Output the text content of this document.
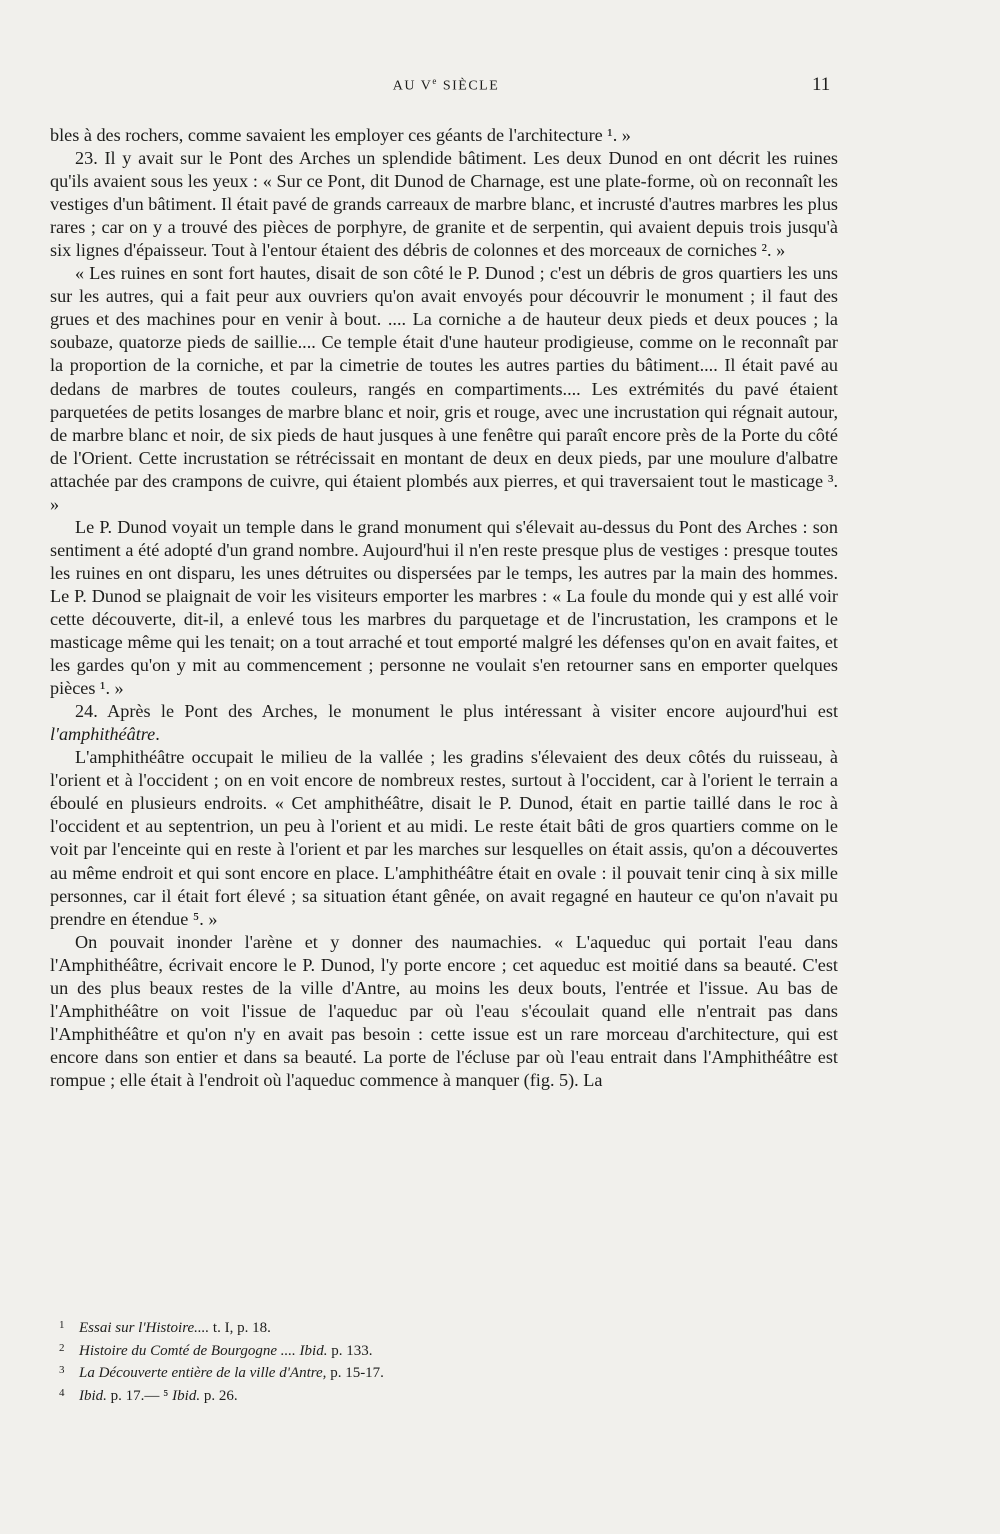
AU Ve SIÈCLE	11

bles à des rochers, comme savaient les employer ces géants de l'architecture ¹. »

23. Il y avait sur le Pont des Arches un splendide bâtiment. Les deux Dunod en ont décrit les ruines qu'ils avaient sous les yeux : « Sur ce Pont, dit Dunod de Charnage, est une plate-forme, où on reconnaît les vestiges d'un bâtiment. Il était pavé de grands carreaux de marbre blanc, et incrusté d'autres marbres les plus rares ; car on y a trouvé des pièces de porphyre, de granite et de serpentin, qui avaient depuis trois jusqu'à six lignes d'épaisseur. Tout à l'entour étaient des débris de colonnes et des morceaux de corniches ². »

« Les ruines en sont fort hautes, disait de son côté le P. Dunod ; c'est un débris de gros quartiers les uns sur les autres, qui a fait peur aux ouvriers qu'on avait envoyés pour découvrir le monument ; il faut des grues et des machines pour en venir à bout. .... La corniche a de hauteur deux pieds et deux pouces ; la soubaze, quatorze pieds de saillie.... Ce temple était d'une hauteur prodigieuse, comme on le reconnaît par la proportion de la corniche, et par la cimetrie de toutes les autres parties du bâtiment.... Il était pavé au dedans de marbres de toutes couleurs, rangés en compartiments.... Les extrémités du pavé étaient parquetées de petits losanges de marbre blanc et noir, gris et rouge, avec une incrustation qui régnait autour, de marbre blanc et noir, de six pieds de haut jusques à une fenêtre qui paraît encore près de la Porte du côté de l'Orient. Cette incrustation se rétrécissait en montant de deux en deux pieds, par une moulure d'albatre attachée par des crampons de cuivre, qui étaient plombés aux pierres, et qui traversaient tout le masticage ³. »

Le P. Dunod voyait un temple dans le grand monument qui s'élevait au-dessus du Pont des Arches : son sentiment a été adopté d'un grand nombre. Aujourd'hui il n'en reste presque plus de vestiges : presque toutes les ruines en ont disparu, les unes détruites ou dispersées par le temps, les autres par la main des hommes. Le P. Dunod se plaignait de voir les visiteurs emporter les marbres : « La foule du monde qui y est allé voir cette découverte, dit-il, a enlevé tous les marbres du parquetage et de l'incrustation, les crampons et le masticage même qui les tenait; on a tout arraché et tout emporté malgré les défenses qu'on en avait faites, et les gardes qu'on y mit au commencement ; personne ne voulait s'en retourner sans en emporter quelques pièces ¹. »

24. Après le Pont des Arches, le monument le plus intéressant à visiter encore aujourd'hui est l'amphithéâtre.

L'amphithéâtre occupait le milieu de la vallée ; les gradins s'élevaient des deux côtés du ruisseau, à l'orient et à l'occident ; on en voit encore de nombreux restes, surtout à l'occident, car à l'orient le terrain a éboulé en plusieurs endroits. « Cet amphithéâtre, disait le P. Dunod, était en partie taillé dans le roc à l'occident et au septentrion, un peu à l'orient et au midi. Le reste était bâti de gros quartiers comme on le voit par l'enceinte qui en reste à l'orient et par les marches sur lesquelles on était assis, qu'on a découvertes au même endroit et qui sont encore en place. L'amphithéâtre était en ovale : il pouvait tenir cinq à six mille personnes, car il était fort élevé ; sa situation étant gênée, on avait regagné en hauteur ce qu'on n'avait pu prendre en étendue ⁵. »

On pouvait inonder l'arène et y donner des naumachies. « L'aqueduc qui portait l'eau dans l'Amphithéâtre, écrivait encore le P. Dunod, l'y porte encore ; cet aqueduc est moitié dans sa beauté. C'est un des plus beaux restes de la ville d'Antre, au moins les deux bouts, l'entrée et l'issue. Au bas de l'Amphithéâtre on voit l'issue de l'aqueduc par où l'eau s'écoulait quand elle n'entrait pas dans l'Amphithéâtre et qu'on n'y en avait pas besoin : cette issue est un rare morceau d'architecture, qui est encore dans son entier et dans sa beauté. La porte de l'écluse par où l'eau entrait dans l'Amphithéâtre est rompue ; elle était à l'endroit où l'aqueduc commence à manquer (fig. 5). La

1 Essai sur l'Histoire.... t. I, p. 18.
2 Histoire du Comté de Bourgogne .... Ibid. p. 133.
3 La Découverte entière de la ville d'Antre, p. 15-17.
4 Ibid. p. 17.— ⁵ Ibid. p. 26.
